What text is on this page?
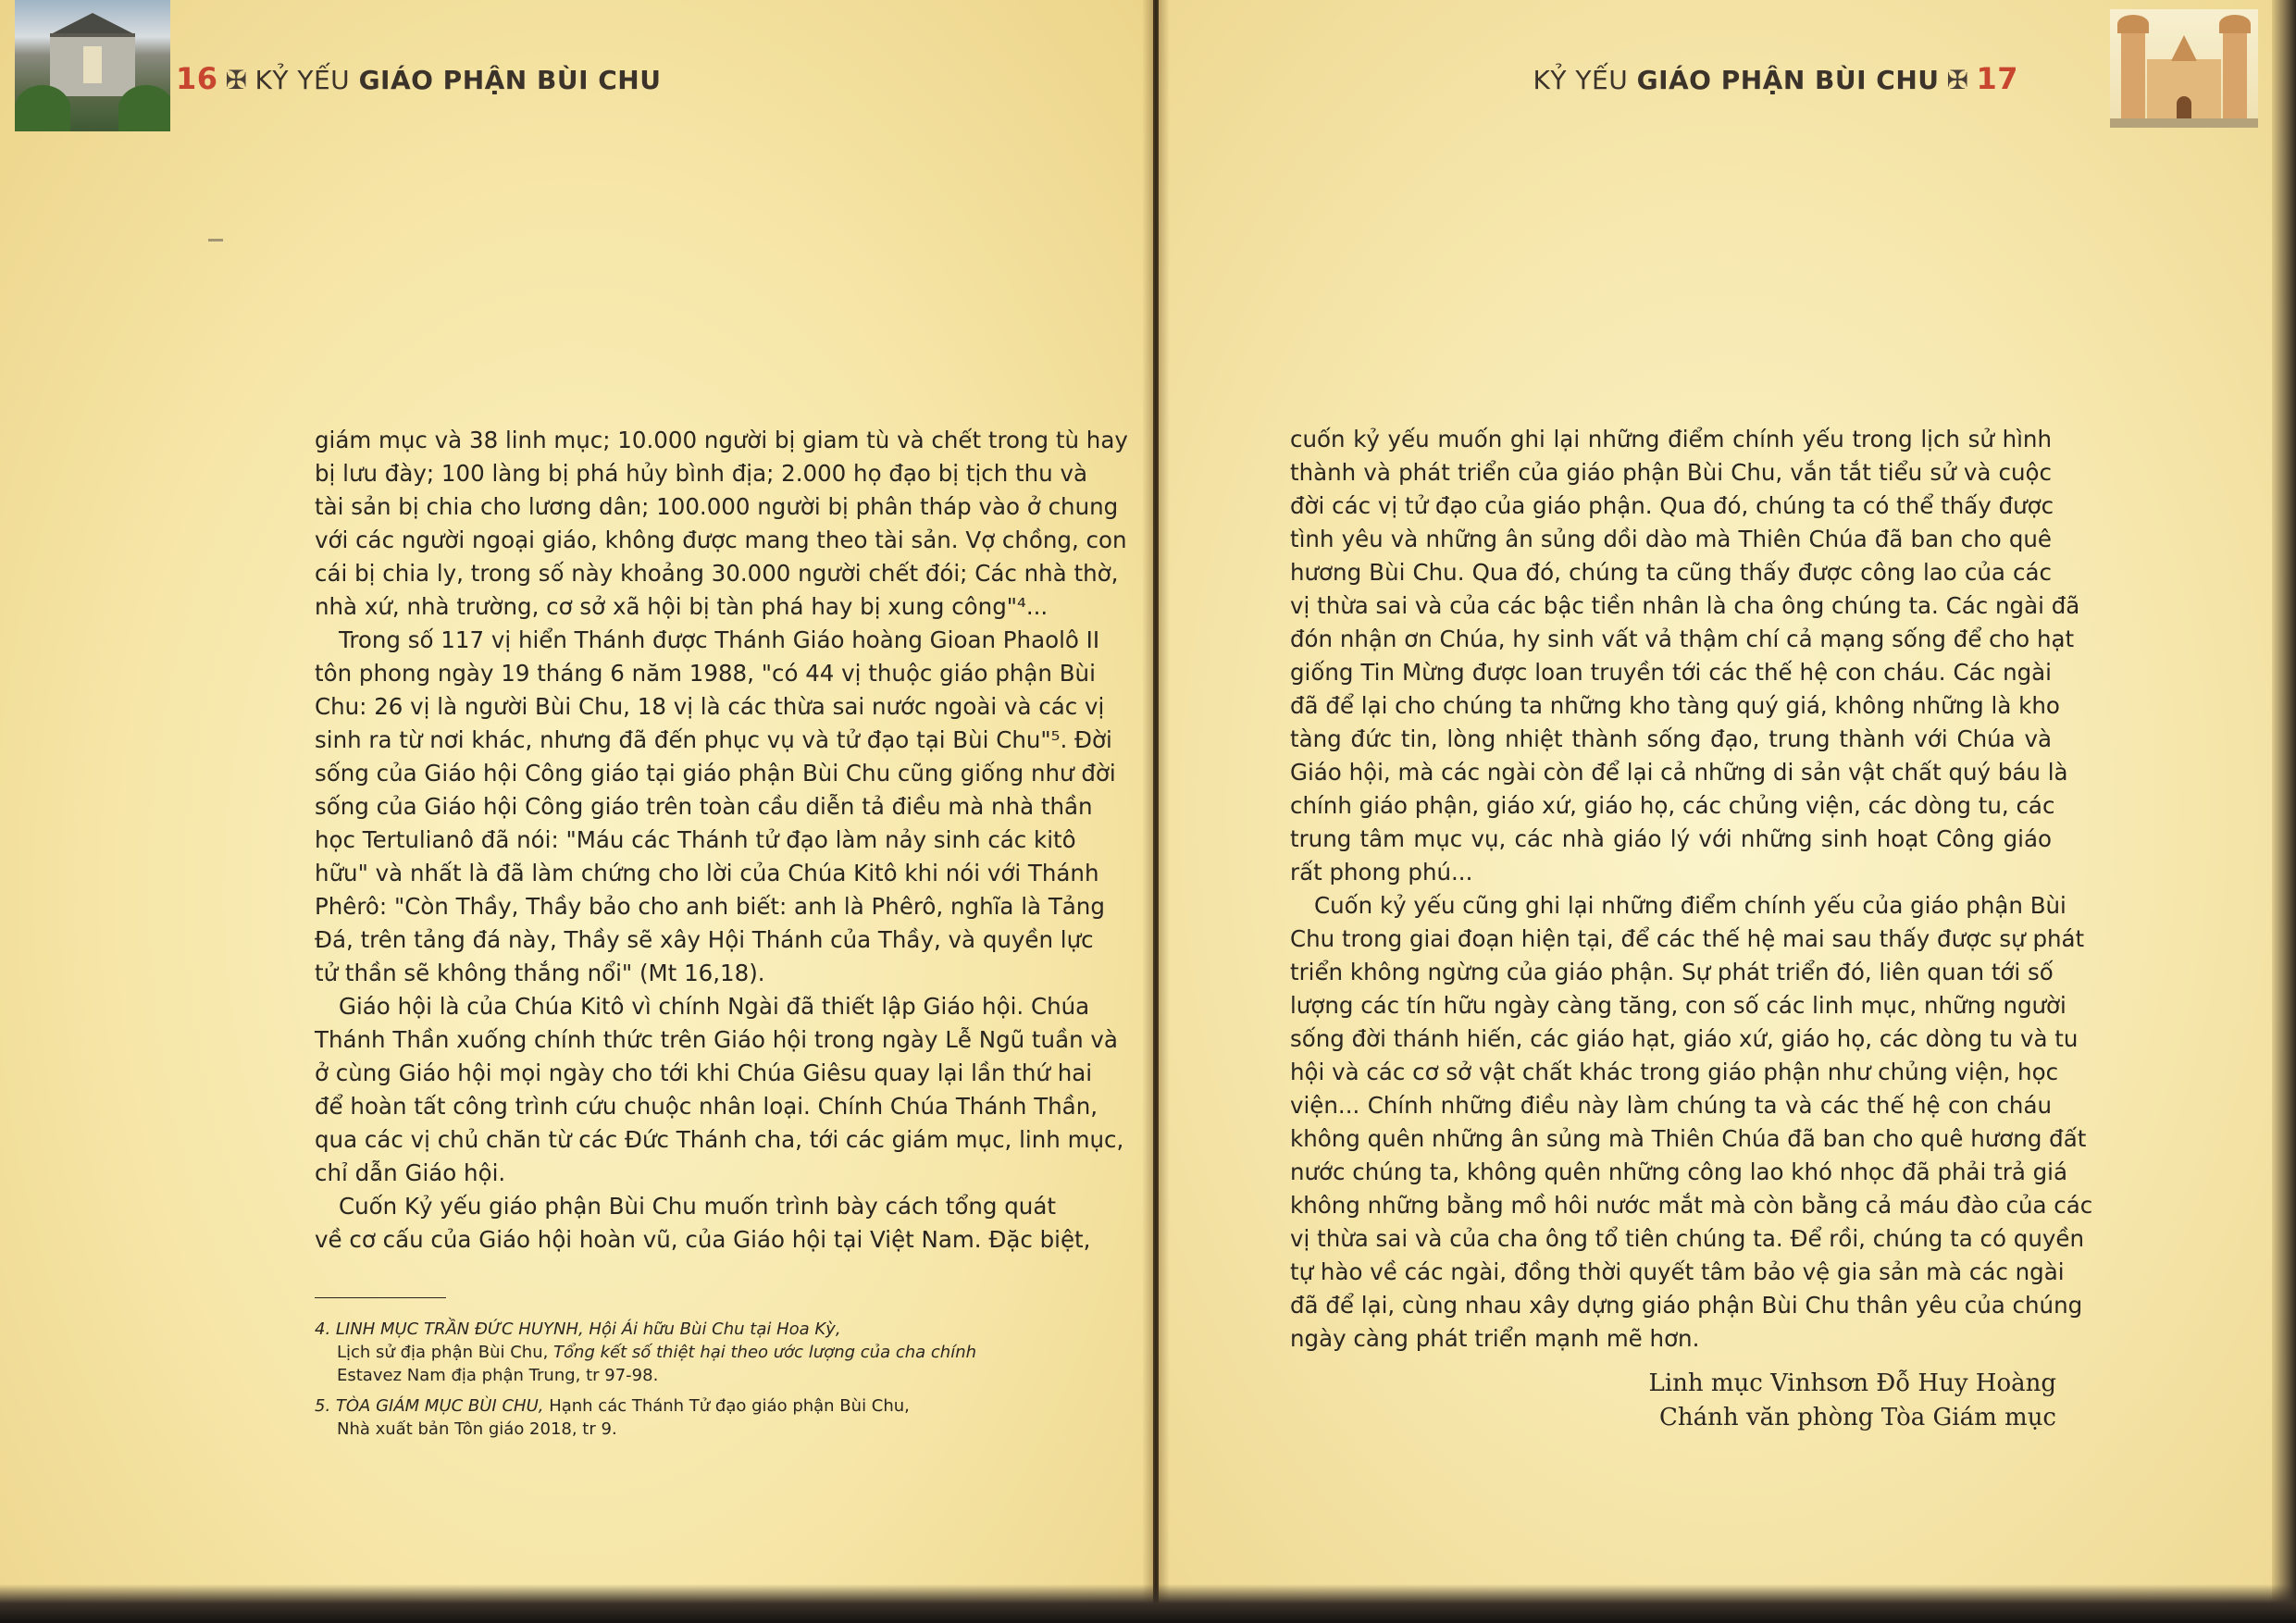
16 ✠ KỶ YẾU GIÁO PHẬN BÙI CHU
giám mục và 38 linh mục; 10.000 người bị giam tù và chết trong tù hay
bị lưu đày; 100 làng bị phá hủy bình địa; 2.000 họ đạo bị tịch thu và
tài sản bị chia cho lương dân; 100.000 người bị phân tháp vào ở chung
với các người ngoại giáo, không được mang theo tài sản. Vợ chồng, con
cái bị chia ly, trong số này khoảng 30.000 người chết đói; Các nhà thờ,
nhà xứ, nhà trường, cơ sở xã hội bị tàn phá hay bị xung công"⁴...
Trong số 117 vị hiển Thánh được Thánh Giáo hoàng Gioan Phaolô II
tôn phong ngày 19 tháng 6 năm 1988, "có 44 vị thuộc giáo phận Bùi
Chu: 26 vị là người Bùi Chu, 18 vị là các thừa sai nước ngoài và các vị
sinh ra từ nơi khác, nhưng đã đến phục vụ và tử đạo tại Bùi Chu"⁵. Đời
sống của Giáo hội Công giáo tại giáo phận Bùi Chu cũng giống như đời
sống của Giáo hội Công giáo trên toàn cầu diễn tả điều mà nhà thần
học Tertulianô đã nói: "Máu các Thánh tử đạo làm nảy sinh các kitô
hữu" và nhất là đã làm chứng cho lời của Chúa Kitô khi nói với Thánh
Phêrô: "Còn Thầy, Thầy bảo cho anh biết: anh là Phêrô, nghĩa là Tảng
Đá, trên tảng đá này, Thầy sẽ xây Hội Thánh của Thầy, và quyền lực
tử thần sẽ không thắng nổi" (Mt 16,18).
Giáo hội là của Chúa Kitô vì chính Ngài đã thiết lập Giáo hội. Chúa
Thánh Thần xuống chính thức trên Giáo hội trong ngày Lễ Ngũ tuần và
ở cùng Giáo hội mọi ngày cho tới khi Chúa Giêsu quay lại lần thứ hai
để hoàn tất công trình cứu chuộc nhân loại. Chính Chúa Thánh Thần,
qua các vị chủ chăn từ các Đức Thánh cha, tới các giám mục, linh mục,
chỉ dẫn Giáo hội.
Cuốn Kỷ yếu giáo phận Bùi Chu muốn trình bày cách tổng quát
về cơ cấu của Giáo hội hoàn vũ, của Giáo hội tại Việt Nam. Đặc biệt,
4. LINH MỤC TRẦN ĐỨC HUYNH, Hội Ái hữu Bùi Chu tại Hoa Kỳ,
Lịch sử địa phận Bùi Chu, Tổng kết số thiệt hại theo ước lượng của cha chính
Estavez Nam địa phận Trung, tr 97-98.
5. TÒA GIÁM MỤC BÙI CHU, Hạnh các Thánh Tử đạo giáo phận Bùi Chu,
Nhà xuất bản Tôn giáo 2018, tr 9.
KỶ YẾU GIÁO PHẬN BÙI CHU ✠ 17
cuốn kỷ yếu muốn ghi lại những điểm chính yếu trong lịch sử hình
thành và phát triển của giáo phận Bùi Chu, vắn tắt tiểu sử và cuộc
đời các vị tử đạo của giáo phận. Qua đó, chúng ta có thể thấy được
tình yêu và những ân sủng dồi dào mà Thiên Chúa đã ban cho quê
hương Bùi Chu. Qua đó, chúng ta cũng thấy được công lao của các
vị thừa sai và của các bậc tiền nhân là cha ông chúng ta. Các ngài đã
đón nhận ơn Chúa, hy sinh vất vả thậm chí cả mạng sống để cho hạt
giống Tin Mừng được loan truyền tới các thế hệ con cháu. Các ngài
đã để lại cho chúng ta những kho tàng quý giá, không những là kho
tàng đức tin, lòng nhiệt thành sống đạo, trung thành với Chúa và
Giáo hội, mà các ngài còn để lại cả những di sản vật chất quý báu là
chính giáo phận, giáo xứ, giáo họ, các chủng viện, các dòng tu, các
trung tâm mục vụ, các nhà giáo lý với những sinh hoạt Công giáo
rất phong phú...
Cuốn kỷ yếu cũng ghi lại những điểm chính yếu của giáo phận Bùi
Chu trong giai đoạn hiện tại, để các thế hệ mai sau thấy được sự phát
triển không ngừng của giáo phận. Sự phát triển đó, liên quan tới số
lượng các tín hữu ngày càng tăng, con số các linh mục, những người
sống đời thánh hiến, các giáo hạt, giáo xứ, giáo họ, các dòng tu và tu
hội và các cơ sở vật chất khác trong giáo phận như chủng viện, học
viện... Chính những điều này làm chúng ta và các thế hệ con cháu
không quên những ân sủng mà Thiên Chúa đã ban cho quê hương đất
nước chúng ta, không quên những công lao khó nhọc đã phải trả giá
không những bằng mồ hôi nước mắt mà còn bằng cả máu đào của các
vị thừa sai và của cha ông tổ tiên chúng ta. Để rồi, chúng ta có quyền
tự hào về các ngài, đồng thời quyết tâm bảo vệ gia sản mà các ngài
đã để lại, cùng nhau xây dựng giáo phận Bùi Chu thân yêu của chúng
ngày càng phát triển mạnh mẽ hơn.
Linh mục Vinhsơn Đỗ Huy Hoàng
Chánh văn phòng Tòa Giám mục
